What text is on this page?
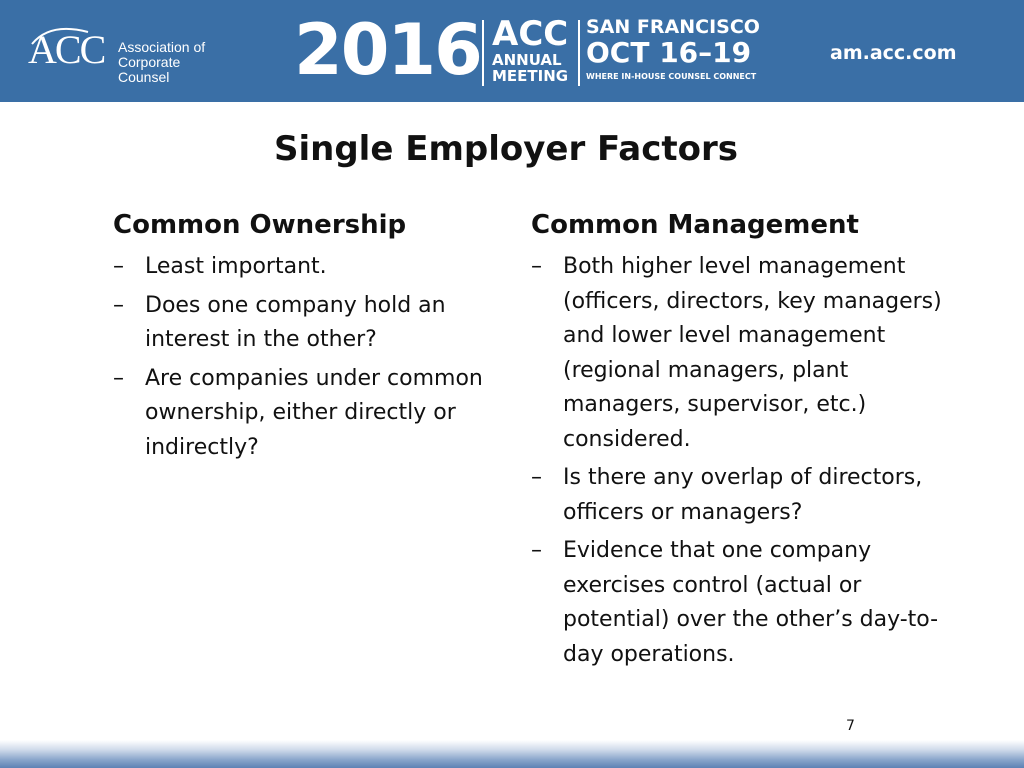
ACC Association of
Corporate Counsel	2016 ACC
ANNUAL
MEETING
SAN FRANCISCO
OCT 16–19
WHERE IN-HOUSE COUNSEL CONNECT
am.acc.com
Single Employer Factors
Common Ownership
– Least important.
– Does one company hold an interest in the other?
– Are companies under common ownership, either directly or indirectly?
Common Management
– Both higher level management (officers, directors, key managers) and lower level management (regional managers, plant managers, supervisor, etc.) considered.
– Is there any overlap of directors, officers or managers?
– Evidence that one company exercises control (actual or potential) over the other’s day-to-day operations.
7
